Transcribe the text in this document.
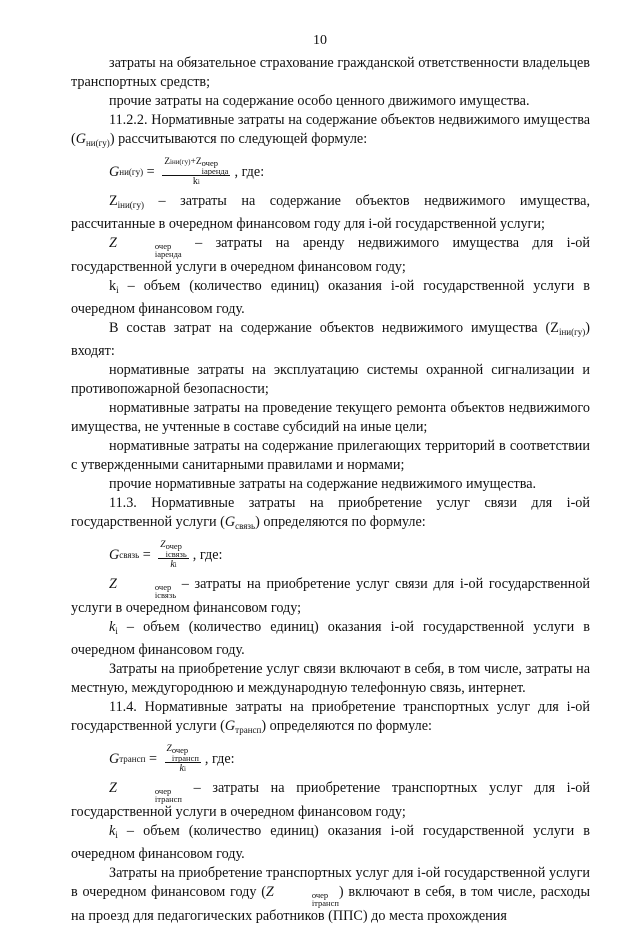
10

затраты на обязательное страхование гражданской ответственности владельцев транспортных средств;

прочие затраты на содержание особо ценного движимого имущества.

11.2.2. Нормативные затраты на содержание объектов недвижимого имущества $(G_{ни(гу)})$ рассчитываются по следующей формуле:

G ни(гу) = Ziни(гу)+Z очер
iаренда
ki , где:

$Z_{iни(гу)}$ – затраты на содержание объектов недвижимого имущества, рассчитанные в очередном финансовом году для i-ой государственной услуги;

Z	очер
iаренда
– затраты на аренду недвижимого имущества для i-ой государственной услуги в очередном финансовом году;

$k_i$ – объем (количество единиц) оказания i-ой государственной услуги в очередном финансовом году.

В состав затрат на содержание объектов недвижимого имущества $(Z_{iни(гу)})$ входят:

нормативные затраты на эксплуатацию системы охранной сигнализации и противопожарной безопасности;

нормативные затраты на проведение текущего ремонта объектов недвижимого имущества, не учтенные в составе субсидий на иные цели;

нормативные затраты на содержание прилегающих территорий в соответствии с утвержденными санитарными правилами и нормами;

прочие нормативные затраты на содержание недвижимого имущества.

11.3. Нормативные затраты на приобретение услуг связи для i-ой государственной услуги $(G_{связь})$ определяются по формуле:

G связь = Z очер
iсвязь
ki , где:

Z	очер
iсвязь
– затраты на приобретение услуг связи для i-ой государственной услуги в очередном финансовом году;

$k_i$ – объем (количество единиц) оказания i-ой государственной услуги в очередном финансовом году.

Затраты на приобретение услуг связи включают в себя, в том числе, затраты на местную, междугороднюю и международную телефонную связь, интернет.

11.4. Нормативные затраты на приобретение транспортных услуг для i-ой государственной услуги $(G_{трансп})$ определяются по формуле:

G трансп = Z очер
iтрансп
ki , где:

Z	очер
iтрансп
– затраты на приобретение транспортных услуг для i-ой государственной услуги в очередном финансовом году;

$k_i$ – объем (количество единиц) оказания i-ой государственной услуги в очередном финансовом году.

Затраты на приобретение транспортных услуг для i-ой государственной услуги в очередном финансовом году (Z	очер
iтрансп
) включают в себя, в том числе, расходы на проезд для педагогических работников (ППС) до места прохождения
